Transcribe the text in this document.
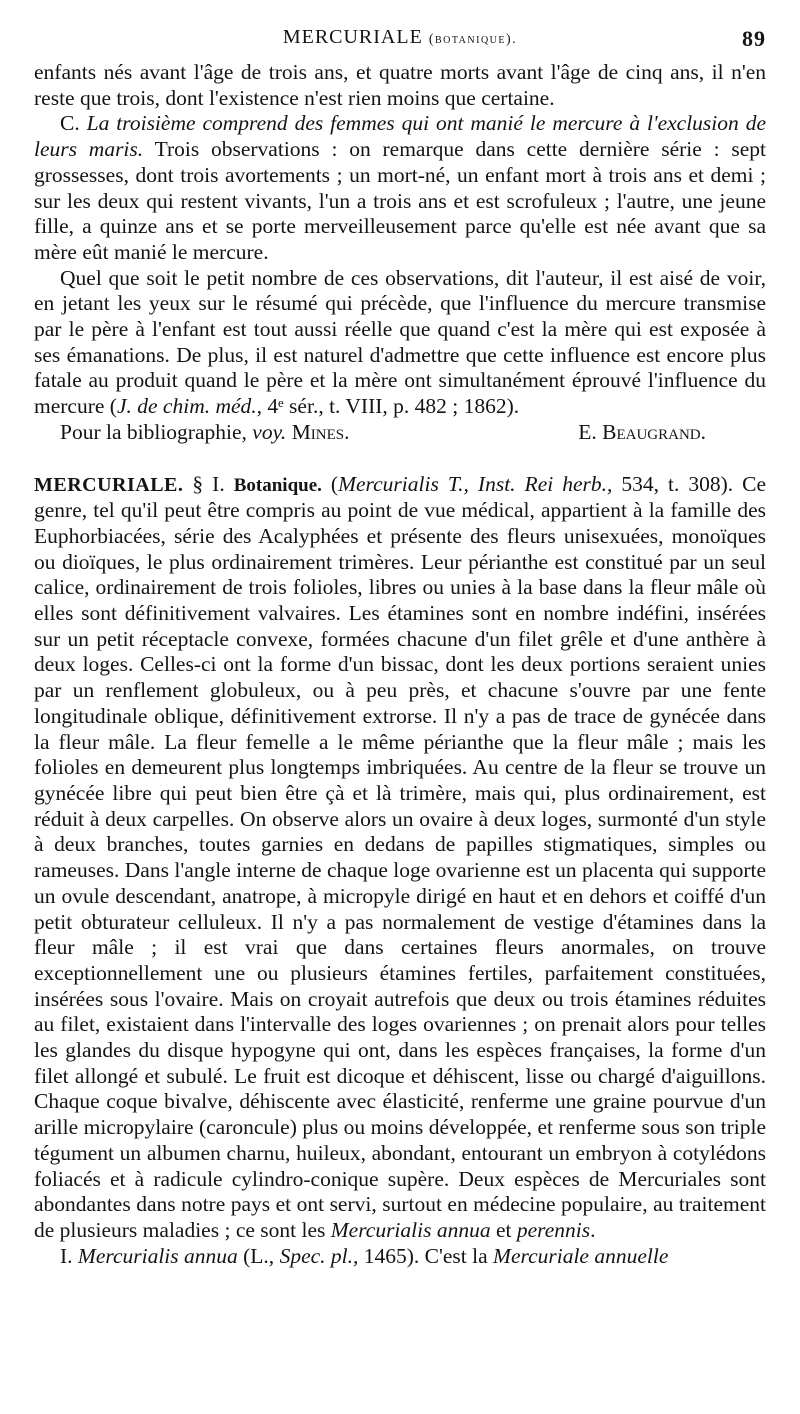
MERCURIALE (botanique).	89

enfants nés avant l'âge de trois ans, et quatre morts avant l'âge de cinq ans, il n'en reste que trois, dont l'existence n'est rien moins que certaine.

C. La troisième comprend des femmes qui ont manié le mercure à l'exclusion de leurs maris. Trois observations : on remarque dans cette dernière série : sept grossesses, dont trois avortements ; un mort-né, un enfant mort à trois ans et demi ; sur les deux qui restent vivants, l'un a trois ans et est scrofuleux ; l'autre, une jeune fille, a quinze ans et se porte merveilleusement parce qu'elle est née avant que sa mère eût manié le mercure.

Quel que soit le petit nombre de ces observations, dit l'auteur, il est aisé de voir, en jetant les yeux sur le résumé qui précède, que l'influence du mercure transmise par le père à l'enfant est tout aussi réelle que quand c'est la mère qui est exposée à ses émanations. De plus, il est naturel d'admettre que cette influence est encore plus fatale au produit quand le père et la mère ont simultanément éprouvé l'influence du mercure (J. de chim. méd., 4ᵉ sér., t. VIII, p. 482 ; 1862).

Pour la bibliographie, voy. Mines.	E. Beaugrand.

MERCURIALE. § I. Botanique. (Mercurialis T., Inst. Rei herb., 534, t. 308). Ce genre, tel qu'il peut être compris au point de vue médical, appartient à la famille des Euphorbiacées, série des Acalyphées et présente des fleurs unisexuées, monoïques ou dioïques, le plus ordinairement trimères. Leur périanthe est constitué par un seul calice, ordinairement de trois folioles, libres ou unies à la base dans la fleur mâle où elles sont définitivement valvaires. Les étamines sont en nombre indéfini, insérées sur un petit réceptacle convexe, formées chacune d'un filet grêle et d'une anthère à deux loges. Celles-ci ont la forme d'un bissac, dont les deux portions seraient unies par un renflement globuleux, ou à peu près, et chacune s'ouvre par une fente longitudinale oblique, définitivement extrorse. Il n'y a pas de trace de gynécée dans la fleur mâle. La fleur femelle a le même périanthe que la fleur mâle ; mais les folioles en demeurent plus longtemps imbriquées. Au centre de la fleur se trouve un gynécée libre qui peut bien être çà et là trimère, mais qui, plus ordinairement, est réduit à deux carpelles. On observe alors un ovaire à deux loges, surmonté d'un style à deux branches, toutes garnies en dedans de papilles stigmatiques, simples ou rameuses. Dans l'angle interne de chaque loge ovarienne est un placenta qui supporte un ovule descendant, anatrope, à micropyle dirigé en haut et en dehors et coiffé d'un petit obturateur celluleux. Il n'y a pas normalement de vestige d'étamines dans la fleur mâle ; il est vrai que dans certaines fleurs anormales, on trouve exceptionnellement une ou plusieurs étamines fertiles, parfaitement constituées, insérées sous l'ovaire. Mais on croyait autrefois que deux ou trois étamines réduites au filet, existaient dans l'intervalle des loges ovariennes ; on prenait alors pour telles les glandes du disque hypogyne qui ont, dans les espèces françaises, la forme d'un filet allongé et subulé. Le fruit est dicoque et déhiscent, lisse ou chargé d'aiguillons. Chaque coque bivalve, déhiscente avec élasticité, renferme une graine pourvue d'un arille micropylaire (caroncule) plus ou moins développée, et renferme sous son triple tégument un albumen charnu, huileux, abondant, entourant un embryon à cotylédons foliacés et à radicule cylindro-conique supère. Deux espèces de Mercuriales sont abondantes dans notre pays et ont servi, surtout en médecine populaire, au traitement de plusieurs maladies ; ce sont les Mercurialis annua et perennis.

I. Mercurialis annua (L., Spec. pl., 1465). C'est la Mercuriale annuelle
